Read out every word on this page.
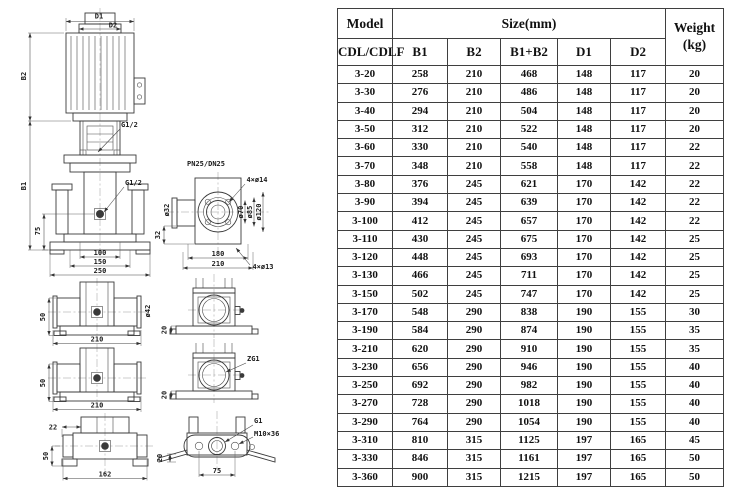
D1
D2
B2
B1
75
100
150
250
G1/2
G1/2
PN25/DN25
4×ø14
ø70 ø85 ø120
ø32
32
180
210	4×ø13
50	ø42
210
50
210
22
50
162
20
ZG1
20
G1
M10×36
20
75
Model	Size(mm)					Weight
(kg)

CDL/CDLF	B1	B2	B1+B2	D1	D2	
3-20	258	210	468	148	117	20
3-30	276	210	486	148	117	20
3-40	294	210	504	148	117	20
3-50	312	210	522	148	117	20
3-60	330	210	540	148	117	22
3-70	348	210	558	148	117	22
3-80	376	245	621	170	142	22
3-90	394	245	639	170	142	22
3-100	412	245	657	170	142	22
3-110	430	245	675	170	142	25
3-120	448	245	693	170	142	25
3-130	466	245	711	170	142	25
3-150	502	245	747	170	142	25
3-170	548	290	838	190	155	30
3-190	584	290	874	190	155	35
3-210	620	290	910	190	155	35
3-230	656	290	946	190	155	40
3-250	692	290	982	190	155	40
3-270	728	290	1018	190	155	40
3-290	764	290	1054	190	155	40
3-310	810	315	1125	197	165	45
3-330	846	315	1161	197	165	50
3-360	900	315	1215	197	165	50
